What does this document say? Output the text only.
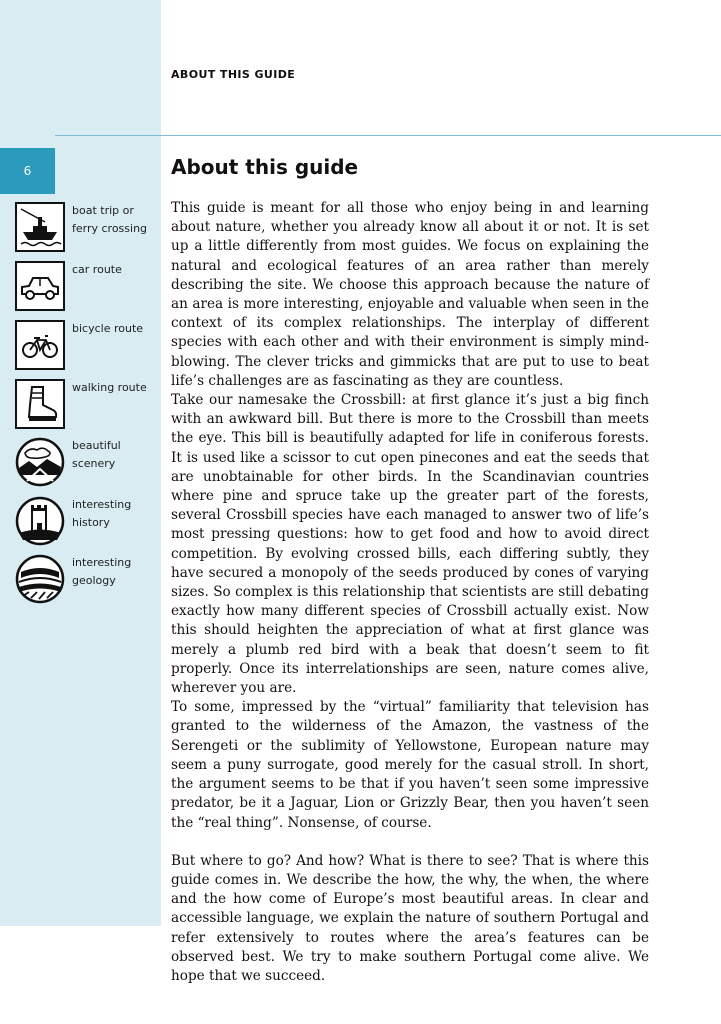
ABOUT THIS GUIDE
6	About this guide
boat trip or
ferry crossing
car route
bicycle route
walking route
beautiful
scenery
interesting
history
interesting
geology

This guide is meant for all those who enjoy being in and learning about nature, whether you already know all about it or not. It is set up a little differently from most guides. We focus on explaining the natural and ecological features of an area rather than merely describing the site. We choose this approach because the nature of an area is more interesting, enjoyable and valuable when seen in the context of its complex relationships. The interplay of different species with each other and with their environment is simply mind-blowing. The clever tricks and gimmicks that are put to use to beat life’s challenges are as fascinating as they are countless.

Take our namesake the Crossbill: at first glance it’s just a big finch with an awkward bill. But there is more to the Crossbill than meets the eye. This bill is beautifully adapted for life in coniferous forests. It is used like a scissor to cut open pinecones and eat the seeds that are unobtainable for other birds. In the Scandinavian countries where pine and spruce take up the greater part of the forests, several Crossbill species have each managed to answer two of life’s most pressing questions: how to get food and how to avoid direct competition. By evolving crossed bills, each differing subtly, they have secured a monopoly of the seeds produced by cones of varying sizes. So complex is this relationship that scientists are still debating exactly how many different species of Crossbill actually exist. Now this should heighten the appreciation of what at first glance was merely a plumb red bird with a beak that doesn’t seem to fit properly. Once its interrelationships are seen, nature comes alive, wherever you are.

To some, impressed by the “virtual” familiarity that television has granted to the wilderness of the Amazon, the vastness of the Serengeti or the sublimity of Yellowstone, European nature may seem a puny surrogate, good merely for the casual stroll. In short, the argument seems to be that if you haven’t seen some impressive predator, be it a Jaguar, Lion or Grizzly Bear, then you haven’t seen the “real thing”. Nonsense, of course.

But where to go? And how? What is there to see? That is where this guide comes in. We describe the how, the why, the when, the where and the how come of Europe’s most beautiful areas. In clear and accessible language, we explain the nature of southern Portugal and refer extensively to routes where the area’s features can be observed best. We try to make southern Portugal come alive. We hope that we succeed.
